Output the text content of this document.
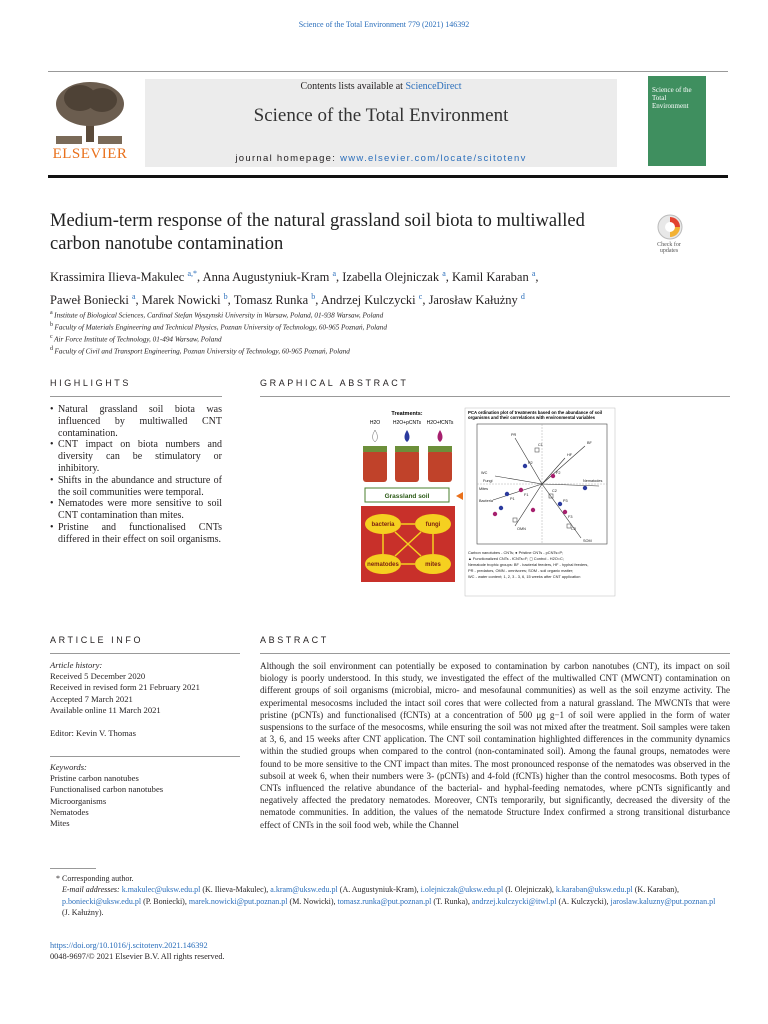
Science of the Total Environment 779 (2021) 146392
ELSEVIER
Contents lists available at ScienceDirect
Science of the Total Environment
journal homepage: www.elsevier.com/locate/scitotenv
Science of the Total Environment
Medium-term response of the natural grassland soil biota to multiwalled carbon nanotube contamination	Check for
updates
Krassimira Ilieva-Makulec $^{a,*}$, Anna Augustyniuk-Kram $^a$, Izabella Olejniczak $^a$, Kamil Karaban $^a$,
Paweł Boniecki $^a$, Marek Nowicki $^b$, Tomasz Runka $^b$, Andrzej Kulczycki $^c$, Jarosław Kałużny $^d$
$^a$ Institute of Biological Sciences, Cardinal Stefan Wyszynski University in Warsaw, Poland, 01-938 Warsaw, Poland
$^b$ Faculty of Materials Engineering and Technical Physics, Poznan University of Technology, 60-965 Poznań, Poland
$^c$ Air Force Institute of Technology, 01-494 Warsaw, Poland
$^d$ Faculty of Civil and Transport Engineering, Poznan University of Technology, 60-965 Poznań, Poland
HIGHLIGHTS
• Natural grassland soil biota was influenced by multiwalled CNT contamination.
• CNT impact on biota numbers and diversity can be stimulatory or inhibitory.
• Shifts in the abundance and structure of the soil communities were temporal.
• Nematodes were more sensitive to soil CNT contamination than mites.
• Pristine and functionalised CNTs differed in their effect on soil organisms.
GRAPHICAL ABSTRACT
Treatments:
H2O	H2O+pCNTs H2O+fCNTs
Grassland soil
bacteria	fungi
nematodes	mites
PCA ordination plot of treatments based on the abundance of soil
organisms and their correlations with environmental variables
BF
HF
PR
OMN
WC
SOM
Nematodes
Fungi
Bacteria
Mites
P1
P2
P3
F1
F2
F3
C1
C2
C3
Carbon nanotubes - CNTs; ● Pristine CNTs - pCNTs=P;
▲ Functionalized CNTs - fCNTs=F; ◻ Control - H2O=C;
Nematode trophic groups: BF - bacterial feeders, HF - hyphal feeders,
PR - predators, OMN - omnivores; SOM - soil organic matter;
WC - water content; 1, 2, 3 - 3, 6, 15 weeks after CNT application
ARTICLE INFO
Article history:
Received 5 December 2020
Received in revised form 21 February 2021
Accepted 7 March 2021
Available online 11 March 2021
Editor: Kevin V. Thomas
Keywords:
Pristine carbon nanotubes
Functionalised carbon nanotubes
Microorganisms
Nematodes
Mites
ABSTRACT
Although the soil environment can potentially be exposed to contamination by carbon nanotubes (CNT), its impact on soil biology is poorly understood. In this study, we investigated the effect of the multiwalled CNT (MWCNT) contamination on different groups of soil organisms (microbial, micro- and mesofaunal communities) as well as the soil enzyme activity. The experimental mesocosms included the intact soil cores that were collected from a natural grassland. The MWCNTs that were pristine (pCNTs) and functionalised (fCNTs) at a concentration of 500 μg g−1 of soil were applied in the form of water suspensions to the surface of the mesocosms, while ensuring the soil was not mixed after the treatment. Soil samples were taken at 3, 6, and 15 weeks after CNT application. The CNT soil contamination highlighted differences in the community dynamics within the studied groups when compared to the control (non-contaminated soil). Among the faunal groups, nematodes were found to be more sensitive to the CNT impact than mites. The most pronounced response of the nematodes was observed in the subsoil at week 6, when their numbers were 3- (pCNTs) and 4-fold (fCNTs) higher than the control mesocosms. Both types of CNTs influenced the relative abundance of the bacterial- and hyphal-feeding nematodes, where pCNTs significantly and negatively affected the predatory nematodes. Moreover, CNTs temporarily, but significantly, decreased the diversity of the nematode communities. In addition, the values of the nematode Structure Index confirmed a strong transitional disturbance effect of CNTs in the soil food web, while the Channel
* Corresponding author.
E-mail addresses: k.makulec@uksw.edu.pl (K. Ilieva-Makulec), a.kram@uksw.edu.pl (A. Augustyniuk-Kram), i.olejniczak@uksw.edu.pl (I. Olejniczak), k.karaban@uksw.edu.pl (K. Karaban), p.boniecki@uksw.edu.pl (P. Boniecki), marek.nowicki@put.poznan.pl (M. Nowicki), tomasz.runka@put.poznan.pl (T. Runka), andrzej.kulczycki@itwl.pl (A. Kulczycki), jaroslaw.kaluzny@put.poznan.pl (J. Kałużny).
https://doi.org/10.1016/j.scitotenv.2021.146392
0048-9697/© 2021 Elsevier B.V. All rights reserved.
